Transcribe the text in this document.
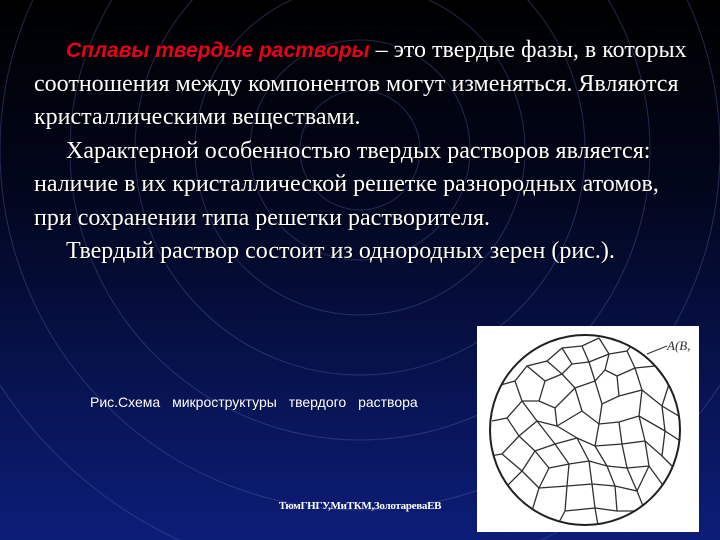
Сплавы твердые растворы – это твердые фазы, в которых соотношения между компонентов могут изменяться. Являются кристаллическими веществами.

Характерной особенностью твердых растворов является: наличие в их кристаллической решетке разнородных атомов, при сохранении типа решетки растворителя.

Твердый раствор состоит из однородных зерен (рис.).

Рис.Схема микроструктуры твердого раствора
A(B,
ТюмГНГУ,МиТКМ,ЗолотареваЕВ
